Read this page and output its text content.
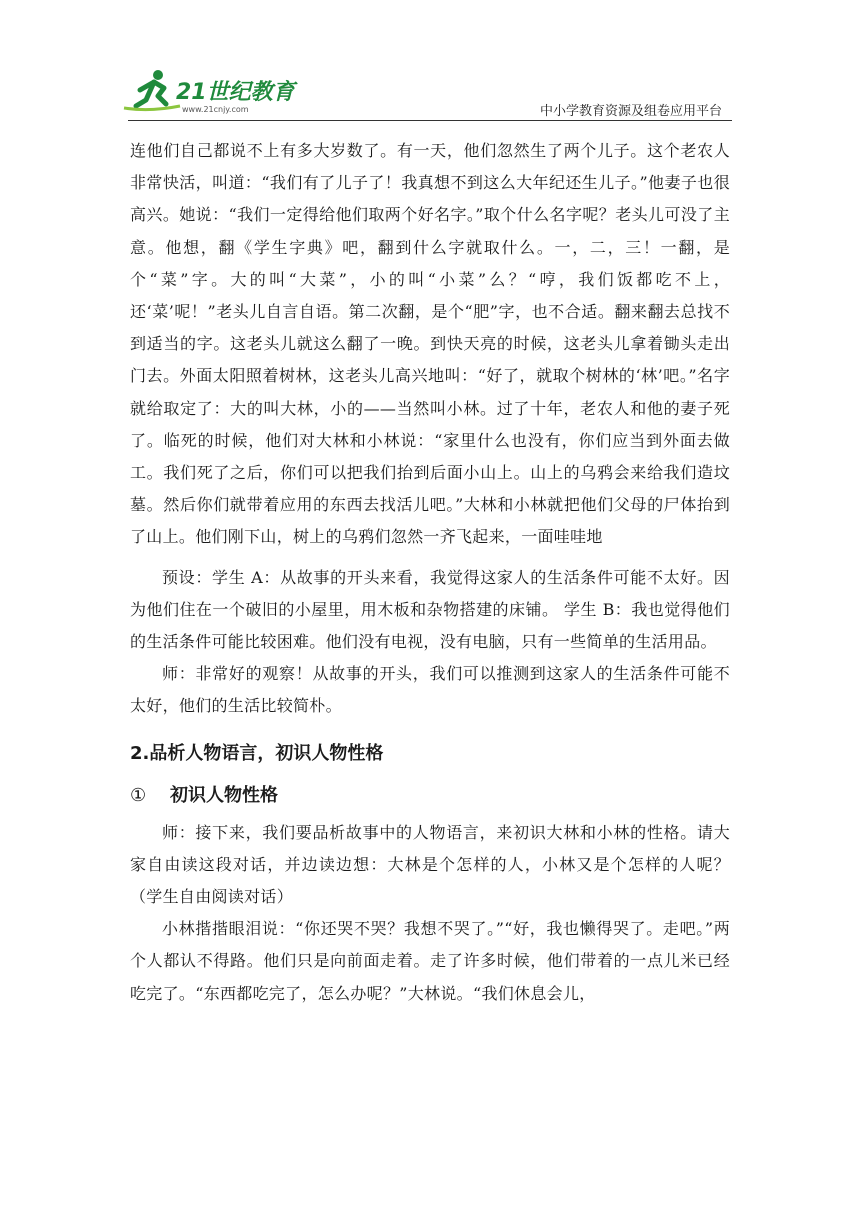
21世纪教育
www.21cnjy.com	中小学教育资源及组卷应用平台

连他们自己都说不上有多大岁数了。有一天，他们忽然生了两个儿子。这个老农人非常快活，叫道：“我们有了儿子了！我真想不到这么大年纪还生儿子。”他妻子也很高兴。她说：“我们一定得给他们取两个好名字。”取个什么名字呢？老头儿可没了主意。他想，翻《学生字典》吧，翻到什么字就取什么。一，二，三！一翻，是个“菜”字。大的叫“大菜”，小的叫“小菜”么？“哼，我们饭都吃不上，还‘菜’呢！”老头儿自言自语。第二次翻，是个“肥”字，也不合适。翻来翻去总找不到适当的字。这老头儿就这么翻了一晚。到快天亮的时候，这老头儿拿着锄头走出门去。外面太阳照着树林，这老头儿高兴地叫：“好了，就取个树林的‘林’吧。”名字就给取定了：大的叫大林，小的——当然叫小林。过了十年，老农人和他的妻子死了。临死的时候，他们对大林和小林说：“家里什么也没有，你们应当到外面去做工。我们死了之后，你们可以把我们抬到后面小山上。山上的乌鸦会来给我们造坟墓。然后你们就带着应用的东西去找活儿吧。”大林和小林就把他们父母的尸体抬到了山上。他们刚下山，树上的乌鸦们忽然一齐飞起来，一面哇哇地

预设：学生 A：从故事的开头来看，我觉得这家人的生活条件可能不太好。因为他们住在一个破旧的小屋里，用木板和杂物搭建的床铺。 学生 B：我也觉得他们的生活条件可能比较困难。他们没有电视，没有电脑，只有一些简单的生活用品。

师：非常好的观察！从故事的开头，我们可以推测到这家人的生活条件可能不太好，他们的生活比较简朴。

2.品析人物语言，初识人物性格
① 初识人物性格

师：接下来，我们要品析故事中的人物语言，来初识大林和小林的性格。请大家自由读这段对话，并边读边想：大林是个怎样的人，小林又是个怎样的人呢？（学生自由阅读对话）

小林揩揩眼泪说：“你还哭不哭？我想不哭了。”“好，我也懒得哭了。走吧。”两个人都认不得路。他们只是向前面走着。走了许多时候，他们带着的一点儿米已经吃完了。“东西都吃完了，怎么办呢？”大林说。“我们休息会儿，
